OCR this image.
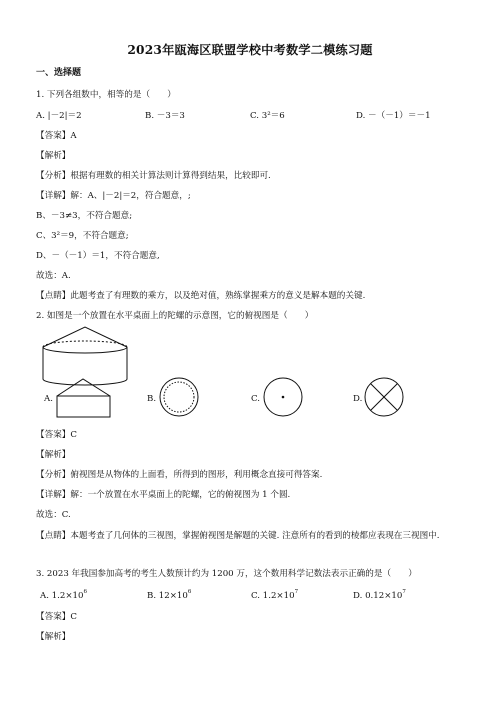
2023年瓯海区联盟学校中考数学二模练习题
一、选择题
1. 下列各组数中，相等的是（　　）
A. |－2|＝2	B. －3＝3	C. 3²＝6	D. －（－1）＝－1
【答案】A
【解析】
【分析】根据有理数的相关计算法则计算得到结果，比较即可.
【详解】解：A、|－2|＝2，符合题意，;
B、－3≠3，不符合题意;
C、3²＝9，不符合题意;
D、－（－1）＝1，不符合题意,
故选：A.
【点睛】此题考查了有理数的乘方，以及绝对值，熟练掌握乘方的意义是解本题的关键.
2. 如图是一个放置在水平桌面上的陀螺的示意图，它的俯视图是（　　）
A.	B.	C.	D.
【答案】C
【解析】
【分析】俯视图是从物体的上面看，所得到的图形，利用概念直接可得答案.
【详解】解：一个放置在水平桌面上的陀螺，它的俯视图为 1 个圆.
故选：C.
【点睛】本题考查了几何体的三视图，掌握俯视图是解题的关键. 注意所有的看到的棱都应表现在三视图中.
3. 2023 年我国参加高考的考生人数预计约为 1200 万，这个数用科学记数法表示正确的是（　　）
A. $1.2\times 10^6$	B. $12\times 10^6$	C. $1.2\times 10^7$	D. $0.12\times 10^7$
【答案】C
【解析】
